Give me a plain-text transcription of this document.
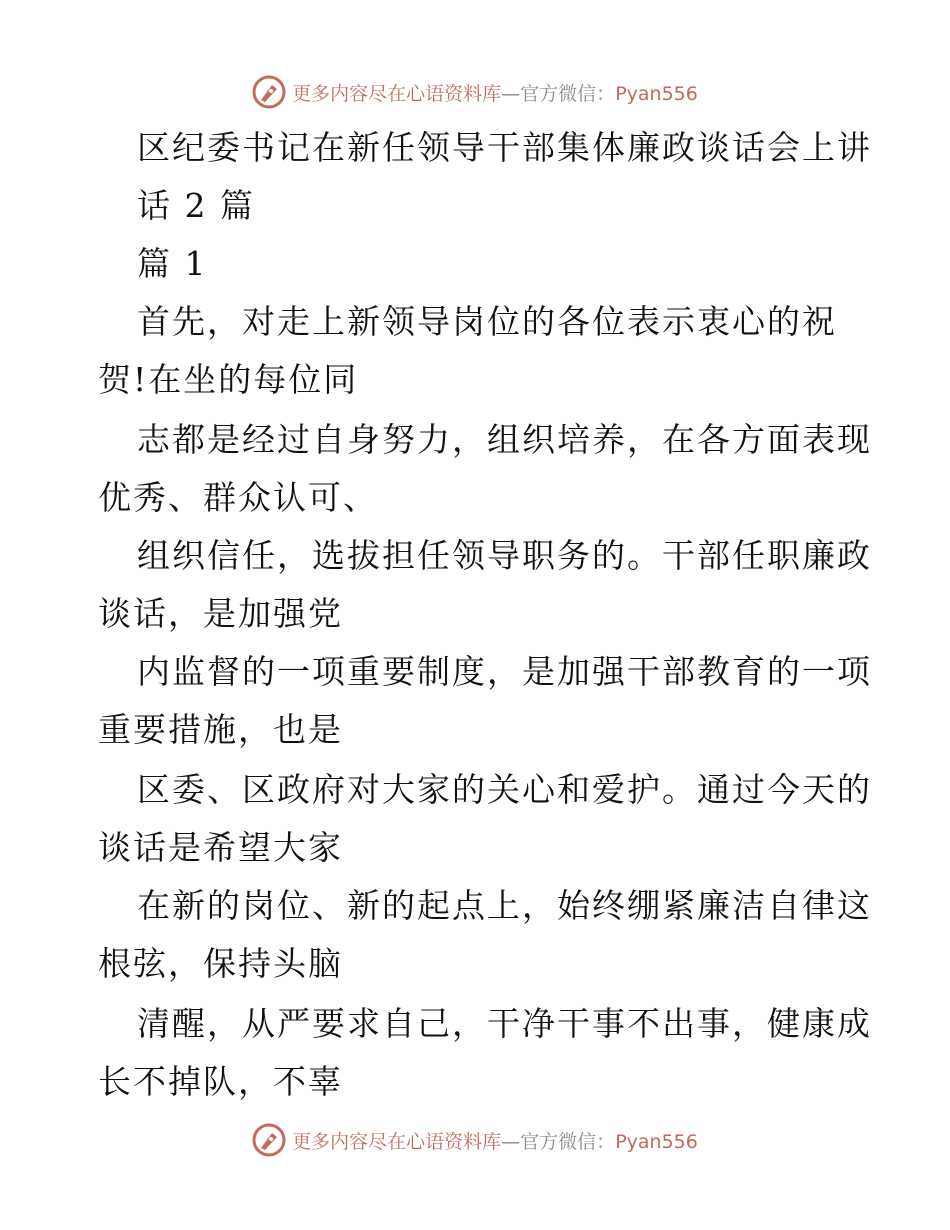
更多内容尽在心语资料库—官方微信：Pyan556
区纪委书记在新任领导干部集体廉政谈话会上讲
话 2 篇
篇 1
首先，对走上新领导岗位的各位表示衷心的祝
贺!在坐的每位同
志都是经过自身努力，组织培养，在各方面表现
优秀、群众认可、
组织信任，选拔担任领导职务的。干部任职廉政
谈话，是加强党
内监督的一项重要制度，是加强干部教育的一项
重要措施，也是
区委、区政府对大家的关心和爱护。通过今天的
谈话是希望大家
在新的岗位、新的起点上，始终绷紧廉洁自律这
根弦，保持头脑
清醒，从严要求自己，干净干事不出事，健康成
长不掉队，不辜
更多内容尽在心语资料库—官方微信：Pyan556
